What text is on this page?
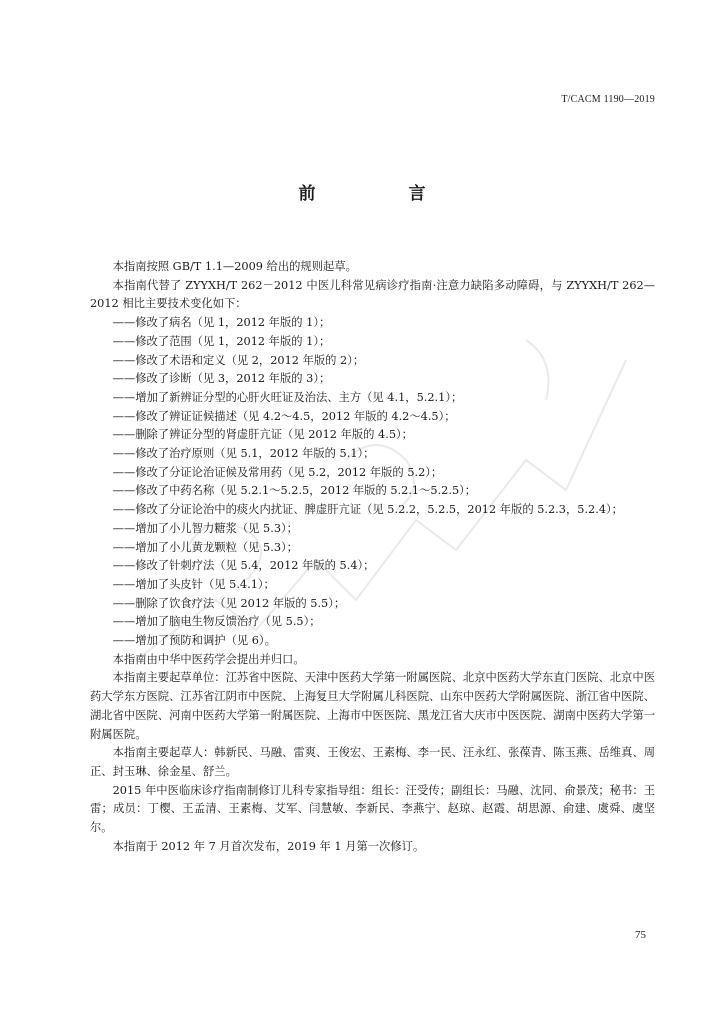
T/CACM 1190—2019
前　言

本指南按照 GB/T 1.1—2009 给出的规则起草。

本指南代替了 ZYYXH/T 262－2012 中医儿科常见病诊疗指南·注意力缺陷多动障碍，与 ZYYXH/T 262—2012 相比主要技术变化如下：

——修改了病名（见 1，2012 年版的 1）；

——修改了范围（见 1，2012 年版的 1）；

——修改了术语和定义（见 2，2012 年版的 2）；

——修改了诊断（见 3，2012 年版的 3）；

——增加了新辨证分型的心肝火旺证及治法、主方（见 4.1，5.2.1）；

——修改了辨证证候描述（见 4.2～4.5，2012 年版的 4.2～4.5）；

——删除了辨证分型的肾虚肝亢证（见 2012 年版的 4.5）；

——修改了治疗原则（见 5.1，2012 年版的 5.1）；

——修改了分证论治证候及常用药（见 5.2，2012 年版的 5.2）；

——修改了中药名称（见 5.2.1～5.2.5，2012 年版的 5.2.1～5.2.5）；

——修改了分证论治中的痰火内扰证、脾虚肝亢证（见 5.2.2，5.2.5，2012 年版的 5.2.3，5.2.4）；

——增加了小儿智力糖浆（见 5.3）；

——增加了小儿黄龙颗粒（见 5.3）；

——修改了针刺疗法（见 5.4，2012 年版的 5.4）；

——增加了头皮针（见 5.4.1）；

——删除了饮食疗法（见 2012 年版的 5.5）；

——增加了脑电生物反馈治疗（见 5.5）；

——增加了预防和调护（见 6）。

本指南由中华中医药学会提出并归口。

本指南主要起草单位：江苏省中医院、天津中医药大学第一附属医院、北京中医药大学东直门医院、北京中医药大学东方医院、江苏省江阴市中医院、上海复旦大学附属儿科医院、山东中医药大学附属医院、浙江省中医院、湖北省中医院、河南中医药大学第一附属医院、上海市中医医院、黑龙江省大庆市中医医院、湖南中医药大学第一附属医院。

本指南主要起草人：韩新民、马融、雷爽、王俊宏、王素梅、李一民、汪永红、张葆青、陈玉燕、岳维真、周正、封玉琳、徐金星、舒兰。

2015 年中医临床诊疗指南制修订儿科专家指导组：组长：汪受传；副组长：马融、沈同、俞景茂；秘书：王雷；成员：丁樱、王孟清、王素梅、艾军、闫慧敏、李新民、李燕宁、赵琼、赵霞、胡思源、俞建、虞舜、虞坚尔。

本指南于 2012 年 7 月首次发布，2019 年 1 月第一次修订。

75
